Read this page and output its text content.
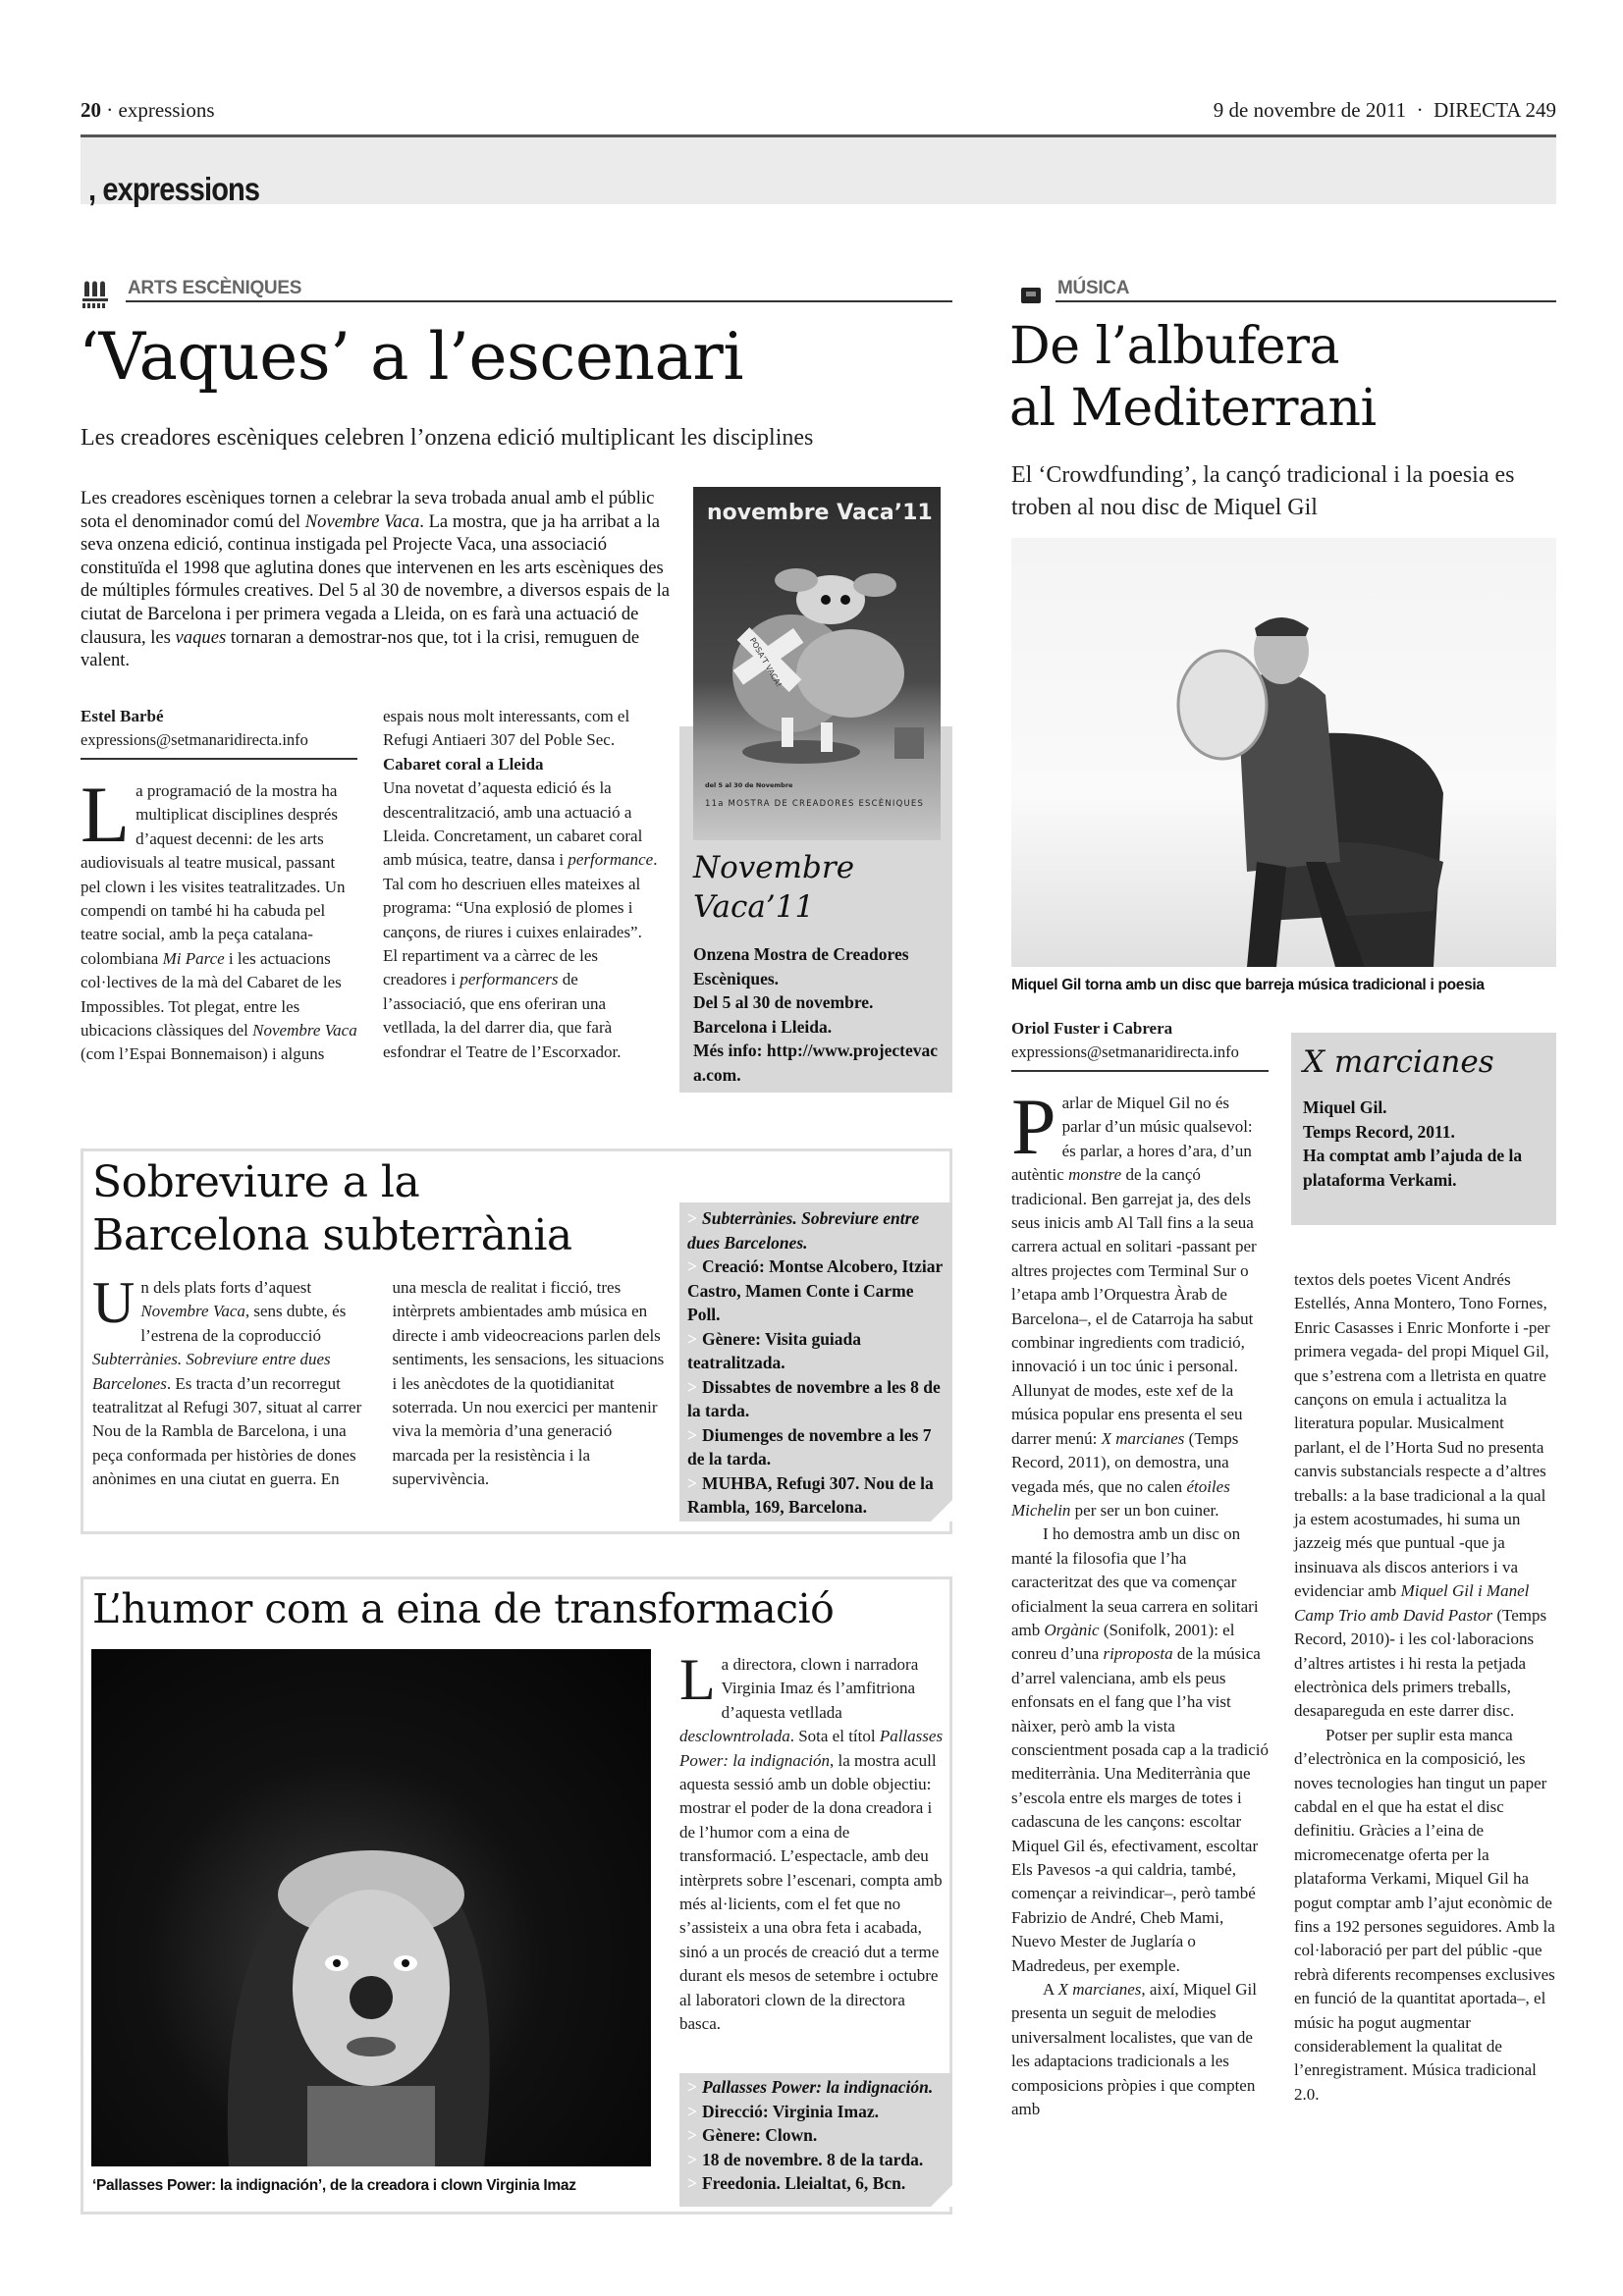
20 · expressions	9 de novembre de 2011  ·  DIRECTA 249
, expressions
ARTS ESCÈNIQUES
‘Vaques’ a l’escenari
Les creadores escèniques celebren l’onzena edició multiplicant les disciplines
Les creadores escèniques tornen a celebrar la seva trobada anual amb el públic sota el denominador comú del Novembre Vaca. La mostra, que ja ha arribat a la seva onzena edició, continua instigada pel Projecte Vaca, una associació constituïda el 1998 que aglutina dones que intervenen en les arts escèniques des de múltiples fórmules creatives. Del 5 al 30 de novembre, a diversos espais de la ciutat de Barcelona i per primera vegada a Lleida, on es farà una actuació de clausura, les vaques tornaran a demostrar-nos que, tot i la crisi, remuguen de valent.
novembre Vaca’11
POSA’T VACA!
del 5 al 30 de Novembre
11a MOSTRA DE CREADORES ESCÈNIQUES
Novembre
Vaca’11
Onzena Mostra de Creadores Escèniques.
Del 5 al 30 de novembre.
Barcelona i Lleida.
Més info: http://www.projectevaca.com.
Estel Barbé
expressions@setmanaridirecta.info

La programació de la mostra ha multiplicat disciplines després d’aquest decenni: de les arts audiovisuals al teatre musical, passant pel clown i les visites teatralitzades. Un compendi on també hi ha cabuda pel teatre social, amb la peça catalana-colombiana Mi Parce i les actuacions col·lectives de la mà del Cabaret de les Impossibles. Tot plegat, entre les ubicacions clàssiques del Novembre Vaca (com l’Espai Bonnemaison) i alguns espais nous molt interessants, com el Refugi Antiaeri 307 del Poble Sec.

Cabaret coral a Lleida

Una novetat d’aquesta edició és la descentralització, amb una actuació a Lleida. Concretament, un cabaret coral amb música, teatre, dansa i performance. Tal com ho descriuen elles mateixes al programa: “Una explosió de plomes i cançons, de riures i cuixes enlairades”. El repartiment va a càrrec de les creadores i performancers de l’associació, que ens oferiran una vetllada, la del darrer dia, que farà esfondrar el Teatre de l’Escorxador.

Sobreviure a la
Barcelona subterrània

Un dels plats forts d’aquest Novembre Vaca, sens dubte, és l’estrena de la coproducció Subterrànies. Sobreviure entre dues Barcelones. Es tracta d’un recorregut teatralitzat al Refugi 307, situat al carrer Nou de la Rambla de Barcelona, i una peça conformada per històries de dones anònimes en una ciutat en guerra. En una mescla de realitat i ficció, tres intèrprets ambientades amb música en directe i amb videocreacions parlen dels sentiments, les sensacions, les situacions i les anècdotes de la quotidianitat soterrada. Un nou exercici per mantenir viva la memòria d’una generació marcada per la resistència i la supervivència.

> Subterrànies. Sobreviure entre dues Barcelones.
> Creació: Montse Alcobero, Itziar Castro, Mamen Conte i Carme Poll.
> Gènere: Visita guiada teatralitzada.
> Dissabtes de novembre a les 8 de la tarda.
> Diumenges de novembre a les 7 de la tarda.
> MUHBA, Refugi 307. Nou de la Rambla, 169, Barcelona.
L’humor com a eina de transformació
‘Pallasses Power: la indignación’, de la creadora i clown Virginia Imaz

La directora, clown i narradora Virginia Imaz és l’amfitriona d’aquesta vetllada desclowntrolada. Sota el títol Pallasses Power: la indignación, la mostra acull aquesta sessió amb un doble objectiu: mostrar el poder de la dona creadora i de l’humor com a eina de transformació. L’espectacle, amb deu intèrprets sobre l’escenari, compta amb més al·licients, com el fet que no s’assisteix a una obra feta i acabada, sinó a un procés de creació dut a terme durant els mesos de setembre i octubre al laboratori clown de la directora basca.

> Pallasses Power: la indignación.
> Direcció: Virginia Imaz.
> Gènere: Clown.
> 18 de novembre. 8 de la tarda.
> Freedonia. Lleialtat, 6, Bcn.
MÚSICA
De l’albufera
al Mediterrani
El ‘Crowdfunding’, la cançó tradicional i la poesia es troben al nou disc de Miquel Gil
Miquel Gil torna amb un disc que barreja música tradicional i poesia
Oriol Fuster i Cabrera
expressions@setmanaridirecta.info

Parlar de Miquel Gil no és parlar d’un músic qualsevol: és parlar, a hores d’ara, d’un autèntic monstre de la cançó tradicional. Ben garrejat ja, des dels seus inicis amb Al Tall fins a la seua carrera actual en solitari -passant per altres projectes com Terminal Sur o l’etapa amb l’Orquestra Àrab de Barcelona–, el de Catarroja ha sabut combinar ingredients com tradició, innovació i un toc únic i personal. Allunyat de modes, este xef de la música popular ens presenta el seu darrer menú: X marcianes (Temps Record, 2011), on demostra, una vegada més, que no calen étoiles Michelin per ser un bon cuiner.

I ho demostra amb un disc on manté la filosofia que l’ha caracteritzat des que va començar oficialment la seua carrera en solitari amb Orgànic (Sonifolk, 2001): el conreu d’una riproposta de la música d’arrel valenciana, amb els peus enfonsats en el fang que l’ha vist nàixer, però amb la vista conscientment posada cap a la tradició mediterrània. Una Mediterrània que s’escola entre els marges de totes i cadascuna de les cançons: escoltar Miquel Gil és, efectivament, escoltar Els Pavesos -a qui caldria, també, començar a reivindicar–, però també Fabrizio de André, Cheb Mami, Nuevo Mester de Juglaría o Madredeus, per exemple.

A X marcianes, així, Miquel Gil presenta un seguit de melodies universalment localistes, que van de les adaptacions tradicionals a les composicions pròpies i que compten amb

X marcianes
Miquel Gil.
Temps Record, 2011.
Ha comptat amb l’ajuda de la plataforma Verkami.

textos dels poetes Vicent Andrés Estellés, Anna Montero, Tono Fornes, Enric Casasses i Enric Monforte i -per primera vegada- del propi Miquel Gil, que s’estrena com a lletrista en quatre cançons on emula i actualitza la literatura popular. Musicalment parlant, el de l’Horta Sud no presenta canvis substancials respecte a d’altres treballs: a la base tradicional a la qual ja estem acostumades, hi suma un jazzeig més que puntual -que ja insinuava als discos anteriors i va evidenciar amb Miquel Gil i Manel Camp Trio amb David Pastor (Temps Record, 2010)- i les col·laboracions d’altres artistes i hi resta la petjada electrònica dels primers treballs, desapareguda en este darrer disc.

Potser per suplir esta manca d’electrònica en la composició, les noves tecnologies han tingut un paper cabdal en el que ha estat el disc definitiu. Gràcies a l’eina de micromecenatge oferta per la plataforma Verkami, Miquel Gil ha pogut comptar amb l’ajut econòmic de fins a 192 persones seguidores. Amb la col·laboració per part del públic -que rebrà diferents recompenses exclusives en funció de la quantitat aportada–, el músic ha pogut augmentar considerablement la qualitat de l’enregistrament. Música tradicional 2.0.
